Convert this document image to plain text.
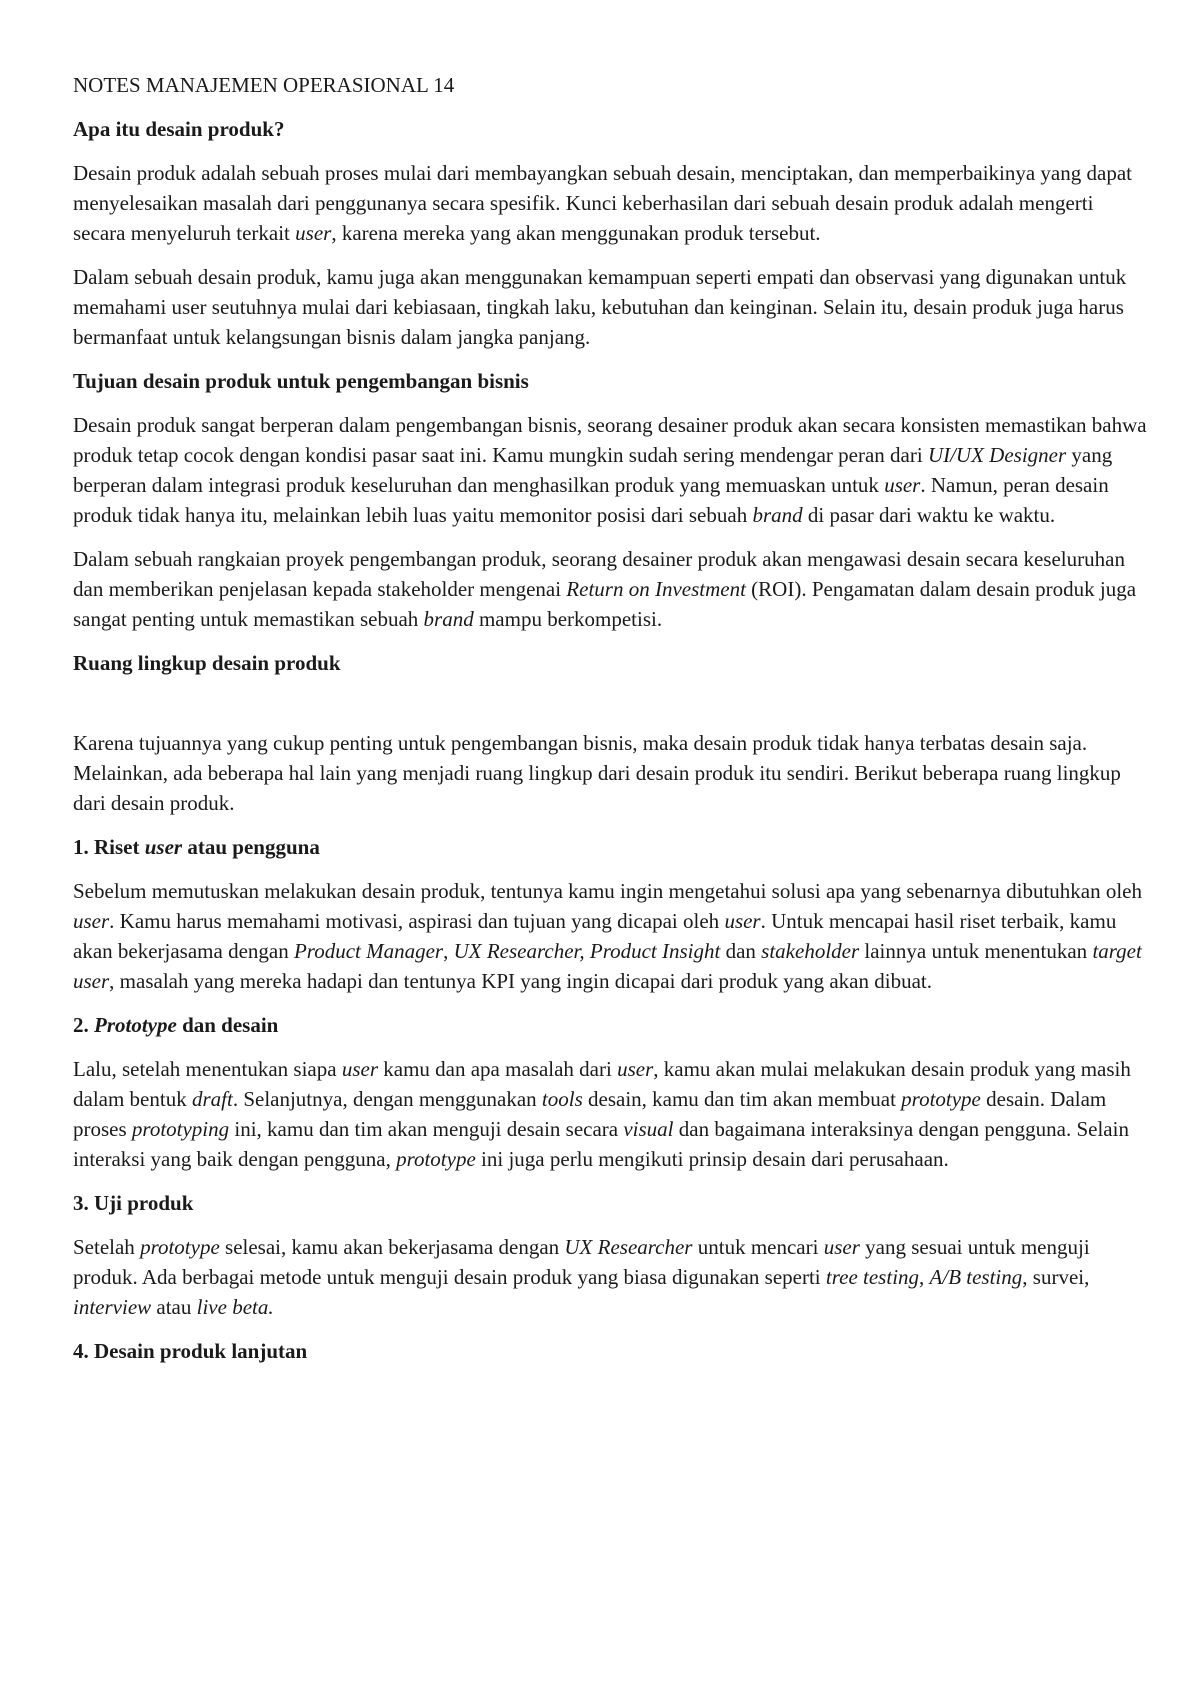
NOTES MANAJEMEN OPERASIONAL 14
Apa itu desain produk?

Desain produk adalah sebuah proses mulai dari membayangkan sebuah desain, menciptakan, dan memperbaikinya yang dapat menyelesaikan masalah dari penggunanya secara spesifik. Kunci keberhasilan dari sebuah desain produk adalah mengerti secara menyeluruh terkait user, karena mereka yang akan menggunakan produk tersebut.

Dalam sebuah desain produk, kamu juga akan menggunakan kemampuan seperti empati dan observasi yang digunakan untuk memahami user seutuhnya mulai dari kebiasaan, tingkah laku, kebutuhan dan keinginan. Selain itu, desain produk juga harus bermanfaat untuk kelangsungan bisnis dalam jangka panjang.

Tujuan desain produk untuk pengembangan bisnis

Desain produk sangat berperan dalam pengembangan bisnis, seorang desainer produk akan secara konsisten memastikan bahwa produk tetap cocok dengan kondisi pasar saat ini. Kamu mungkin sudah sering mendengar peran dari UI/UX Designer yang berperan dalam integrasi produk keseluruhan dan menghasilkan produk yang memuaskan untuk user. Namun, peran desain produk tidak hanya itu, melainkan lebih luas yaitu memonitor posisi dari sebuah brand di pasar dari waktu ke waktu.

Dalam sebuah rangkaian proyek pengembangan produk, seorang desainer produk akan mengawasi desain secara keseluruhan dan memberikan penjelasan kepada stakeholder mengenai Return on Investment (ROI). Pengamatan dalam desain produk juga sangat penting untuk memastikan sebuah brand mampu berkompetisi.

Ruang lingkup desain produk

Karena tujuannya yang cukup penting untuk pengembangan bisnis, maka desain produk tidak hanya terbatas desain saja. Melainkan, ada beberapa hal lain yang menjadi ruang lingkup dari desain produk itu sendiri. Berikut beberapa ruang lingkup dari desain produk.

1. Riset user atau pengguna

Sebelum memutuskan melakukan desain produk, tentunya kamu ingin mengetahui solusi apa yang sebenarnya dibutuhkan oleh user. Kamu harus memahami motivasi, aspirasi dan tujuan yang dicapai oleh user. Untuk mencapai hasil riset terbaik, kamu akan bekerjasama dengan Product Manager, UX Researcher, Product Insight dan stakeholder lainnya untuk menentukan target user, masalah yang mereka hadapi dan tentunya KPI yang ingin dicapai dari produk yang akan dibuat.

2. Prototype dan desain

Lalu, setelah menentukan siapa user kamu dan apa masalah dari user, kamu akan mulai melakukan desain produk yang masih dalam bentuk draft. Selanjutnya, dengan menggunakan tools desain, kamu dan tim akan membuat prototype desain. Dalam proses prototyping ini, kamu dan tim akan menguji desain secara visual dan bagaimana interaksinya dengan pengguna. Selain interaksi yang baik dengan pengguna, prototype ini juga perlu mengikuti prinsip desain dari perusahaan.

3. Uji produk

Setelah prototype selesai, kamu akan bekerjasama dengan UX Researcher untuk mencari user yang sesuai untuk menguji produk. Ada berbagai metode untuk menguji desain produk yang biasa digunakan seperti tree testing, A/B testing, survei, interview atau live beta.

4. Desain produk lanjutan
